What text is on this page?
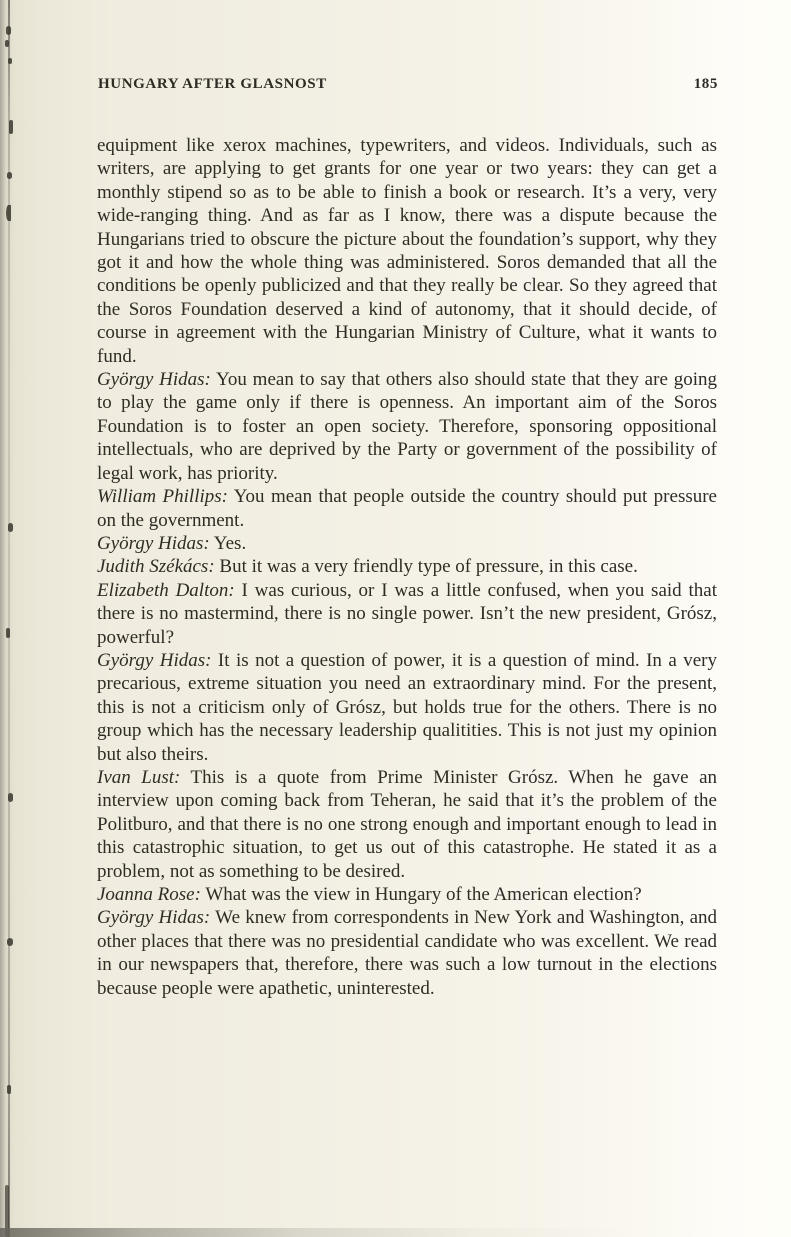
HUNGARY AFTER GLASNOST	185

equipment like xerox machines, typewriters, and videos. Individuals, such as writers, are applying to get grants for one year or two years: they can get a monthly stipend so as to be able to finish a book or research. It’s a very, very wide-ranging thing. And as far as I know, there was a dispute because the Hungarians tried to obscure the picture about the foundation’s support, why they got it and how the whole thing was administered. Soros demanded that all the conditions be openly publicized and that they really be clear. So they agreed that the Soros Foundation deserved a kind of autonomy, that it should decide, of course in agreement with the Hungarian Ministry of Culture, what it wants to fund.

György Hidas: You mean to say that others also should state that they are going to play the game only if there is openness. An important aim of the Soros Foundation is to foster an open society. Therefore, sponsoring oppositional intellectuals, who are deprived by the Party or government of the possibility of legal work, has priority.

William Phillips: You mean that people outside the country should put pressure on the government.

György Hidas: Yes.

Judith Székács: But it was a very friendly type of pressure, in this case.

Elizabeth Dalton: I was curious, or I was a little confused, when you said that there is no mastermind, there is no single power. Isn’t the new president, Grósz, powerful?

György Hidas: It is not a question of power, it is a question of mind. In a very precarious, extreme situation you need an extraordinary mind. For the present, this is not a criticism only of Grósz, but holds true for the others. There is no group which has the necessary leadership qualitities. This is not just my opinion but also theirs.

Ivan Lust: This is a quote from Prime Minister Grósz. When he gave an interview upon coming back from Teheran, he said that it’s the problem of the Politburo, and that there is no one strong enough and important enough to lead in this catastrophic situation, to get us out of this catastrophe. He stated it as a problem, not as something to be desired.

Joanna Rose: What was the view in Hungary of the American election?

György Hidas: We knew from correspondents in New York and Washington, and other places that there was no presidential candidate who was excellent. We read in our newspapers that, therefore, there was such a low turnout in the elections because people were apathetic, uninterested.
